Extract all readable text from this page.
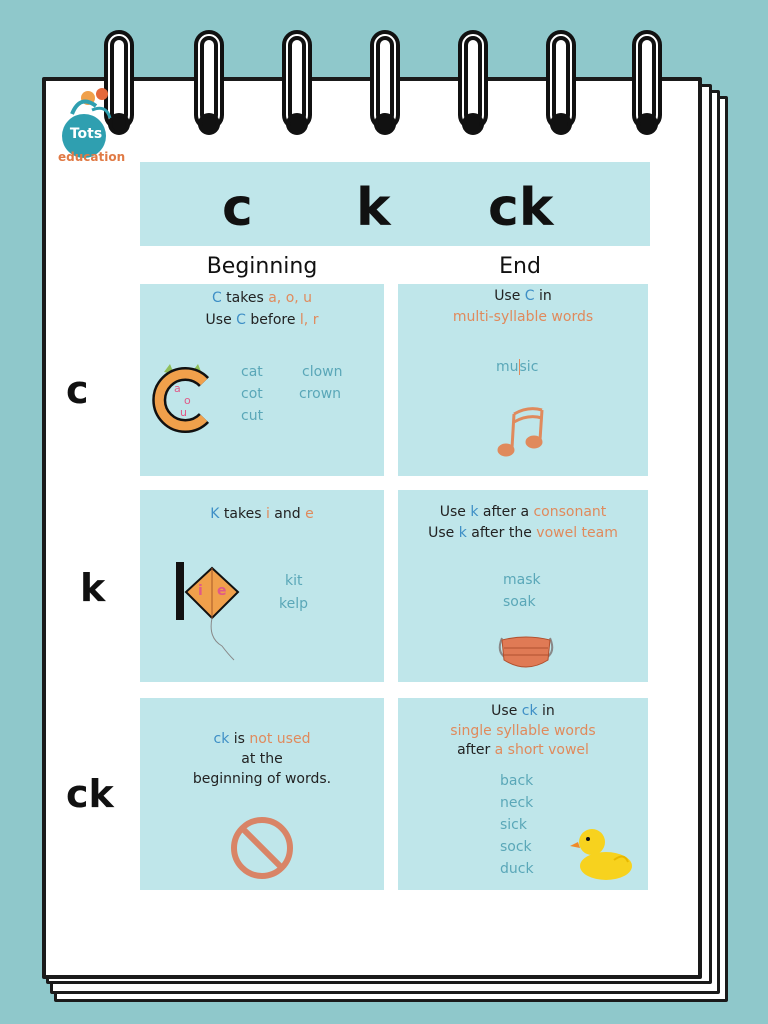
Tots
education
c k ck
Beginning	End
c
k
ck
C takes a, o, u
Use C before l, r
a
o
u
cat
cot
cut
clown
crown
Use C in
multi-syllable words
music
K takes i and e
i e
kit
kelp
Use k after a consonant
Use k after the vowel team
mask
soak
ck is not used
at the
beginning of words.
Use ck in
single syllable words
after a short vowel
back
neck
sick
sock
duck
